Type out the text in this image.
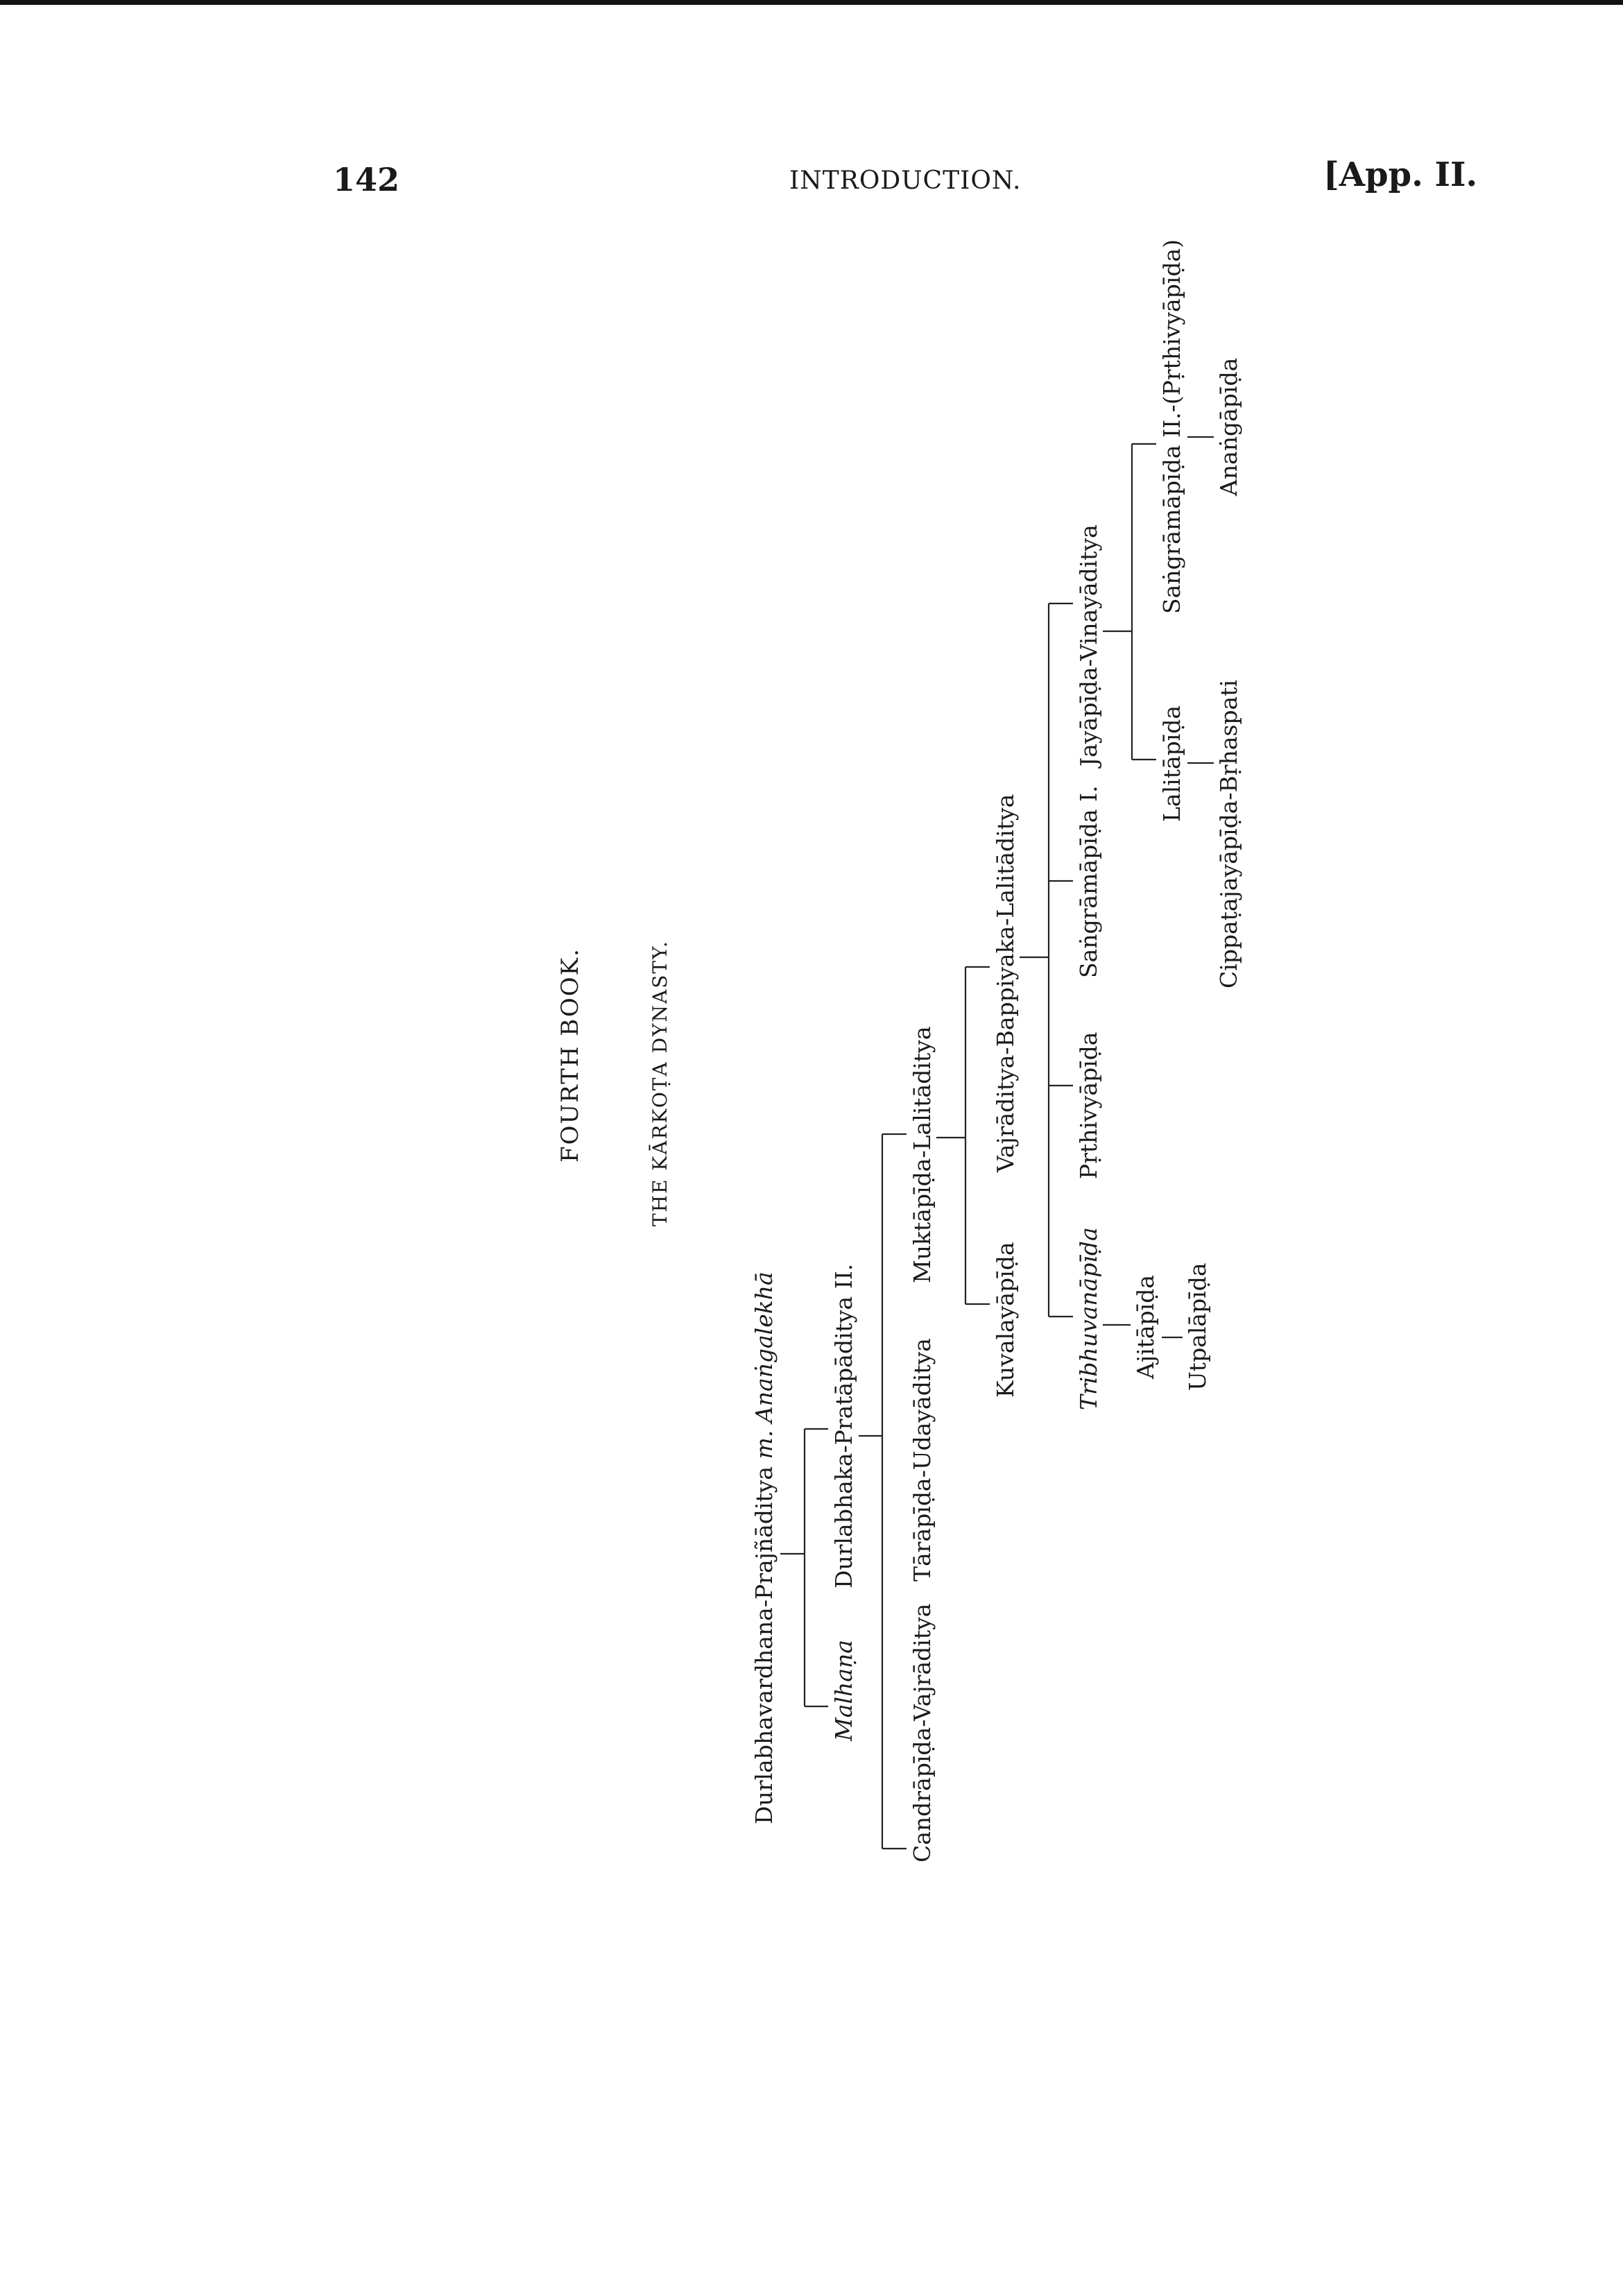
142	INTRODUCTION.	[App. II.
FOURTH BOOK.	THE KĀRKOṬA DYNASTY.
Durlabhavardhana-Prajñāditya m. Anaṅgalekhā
Malhaṇa
Durlabhaka-Pratāpāditya II.
Candrāpīḍa-Vajrāditya
Tārāpīḍa-Udayāditya
Muktāpīḍa-Lalitāditya
Kuvalayāpīḍa
Vajrāditya-Bappiyaka-Lalitāditya
Tribhuvanāpīḍa
Pṛthivyāpīḍa
Saṅgrāmāpīḍa I.
Jayāpīḍa-Vinayāditya
Ajitāpīḍa
Lalitāpīḍa
Saṅgrāmāpīḍa II.-(Pṛthivyāpīḍa)
Utpalāpīḍa
Cippaṭajayāpīḍa-Bṛhaspati
Anaṅgāpīḍa
